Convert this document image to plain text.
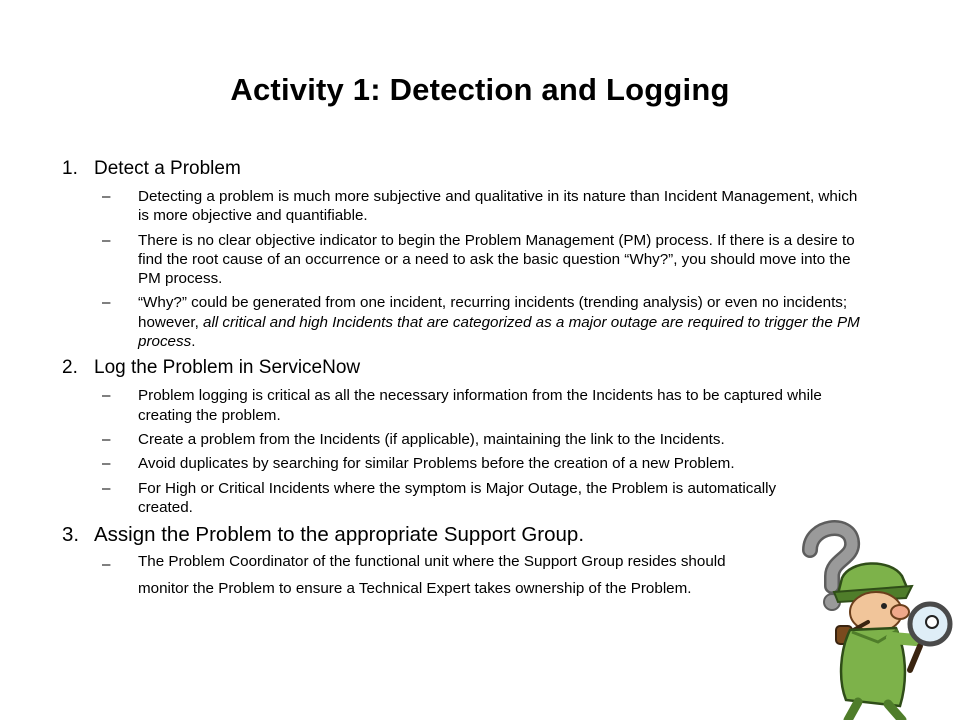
Activity 1: Detection and Logging
1. Detect a Problem
–	Detecting a problem is much more subjective and qualitative in its nature than Incident Management, which is more objective and quantifiable.
–	There is no clear objective indicator to begin the Problem Management (PM) process. If there is a desire to find the root cause of an occurrence or a need to ask the basic question “Why?”, you should move into the PM process.
–	“Why?” could be generated from one incident, recurring incidents (trending analysis) or even no incidents; however, all critical and high Incidents that are categorized as a major outage are required to trigger the PM process.
2. Log the Problem in ServiceNow
–	Problem logging is critical as all the necessary information from the Incidents has to be captured while creating the problem.
–	Create a problem from the Incidents (if applicable), maintaining the link to the Incidents.
–	Avoid duplicates by searching for similar Problems before the creation of a new Problem.
–	For High or Critical Incidents where the symptom is Major Outage, the Problem is automatically created.
3. Assign the Problem to the appropriate Support Group.
–	The Problem Coordinator of the functional unit where the Support Group resides should monitor the Problem to ensure a Technical Expert takes ownership of the Problem.
